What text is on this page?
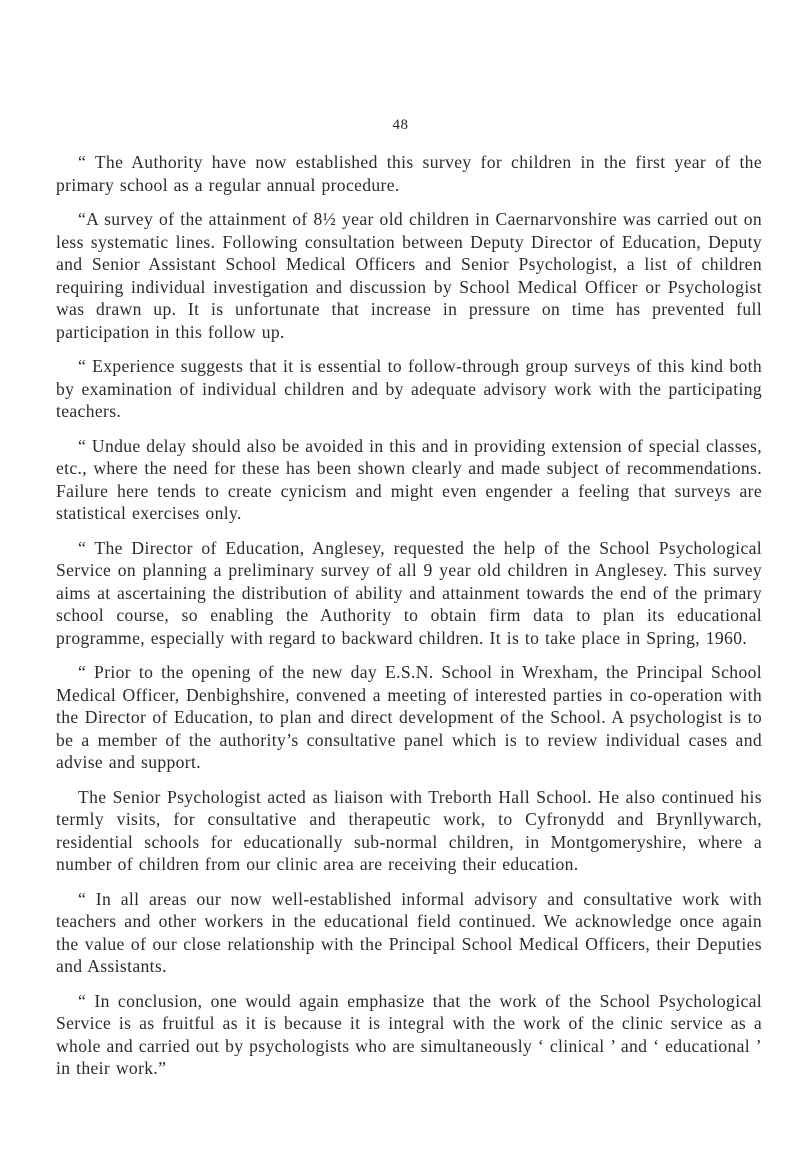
48

“ The Authority have now established this survey for children in the first year of the primary school as a regular annual procedure.

“A survey of the attainment of 8½ year old children in Caernarvonshire was carried out on less systematic lines. Following consultation between Deputy Director of Education, Deputy and Senior Assistant School Medical Officers and Senior Psychologist, a list of children requiring individual investigation and discussion by School Medical Officer or Psychologist was drawn up. It is unfortunate that increase in pressure on time has prevented full participation in this follow up.

“ Experience suggests that it is essential to follow-through group surveys of this kind both by examination of individual children and by adequate advisory work with the participating teachers.

“ Undue delay should also be avoided in this and in providing extension of special classes, etc., where the need for these has been shown clearly and made subject of recommendations. Failure here tends to create cynicism and might even engender a feeling that surveys are statistical exercises only.

“ The Director of Education, Anglesey, requested the help of the School Psychological Service on planning a preliminary survey of all 9 year old children in Anglesey. This survey aims at ascertaining the distribution of ability and attainment towards the end of the primary school course, so enabling the Authority to obtain firm data to plan its educational programme, especially with regard to backward children. It is to take place in Spring, 1960.

“ Prior to the opening of the new day E.S.N. School in Wrexham, the Principal School Medical Officer, Denbighshire, convened a meeting of interested parties in co-operation with the Director of Education, to plan and direct development of the School. A psychologist is to be a member of the authority’s consultative panel which is to review individual cases and advise and support.

The Senior Psychologist acted as liaison with Treborth Hall School. He also continued his termly visits, for consultative and therapeutic work, to Cyfronydd and Brynllywarch, residential schools for educationally sub-normal children, in Montgomeryshire, where a number of children from our clinic area are receiving their education.

“ In all areas our now well-established informal advisory and consultative work with teachers and other workers in the educational field continued. We acknowledge once again the value of our close relationship with the Principal School Medical Officers, their Deputies and Assistants.

“ In conclusion, one would again emphasize that the work of the School Psychological Service is as fruitful as it is because it is integral with the work of the clinic service as a whole and carried out by psychologists who are simultaneously ‘ clinical ’ and ‘ educational ’ in their work.”
